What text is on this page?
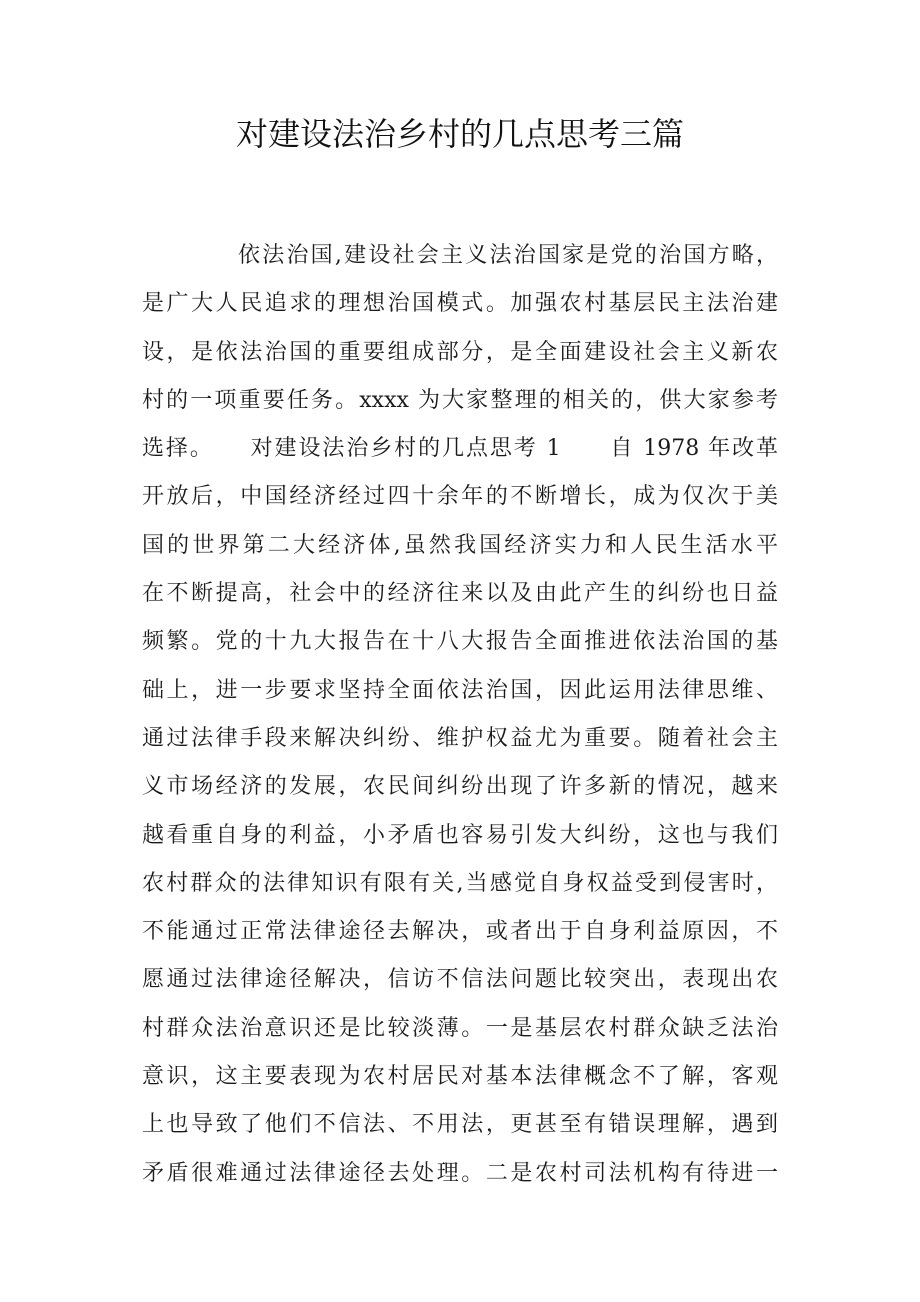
对建设法治乡村的几点思考三篇
依法治国,建设社会主义法治国家是党的治国方略，
是广大人民追求的理想治国模式。加强农村基层民主法治建
设，是依法治国的重要组成部分，是全面建设社会主义新农
村的一项重要任务。xxxx 为大家整理的相关的，供大家参考
选择。　　对建设法治乡村的几点思考 1　　自 1978 年改革
开放后，中国经济经过四十余年的不断增长，成为仅次于美
国的世界第二大经济体,虽然我国经济实力和人民生活水平
在不断提高，社会中的经济往来以及由此产生的纠纷也日益
频繁。党的十九大报告在十八大报告全面推进依法治国的基
础上，进一步要求坚持全面依法治国，因此运用法律思维、
通过法律手段来解决纠纷、维护权益尤为重要。随着社会主
义市场经济的发展，农民间纠纷出现了许多新的情况，越来
越看重自身的利益，小矛盾也容易引发大纠纷，这也与我们
农村群众的法律知识有限有关,当感觉自身权益受到侵害时，
不能通过正常法律途径去解决，或者出于自身利益原因，不
愿通过法律途径解决，信访不信法问题比较突出，表现出农
村群众法治意识还是比较淡薄。一是基层农村群众缺乏法治
意识，这主要表现为农村居民对基本法律概念不了解，客观
上也导致了他们不信法、不用法，更甚至有错误理解，遇到
矛盾很难通过法律途径去处理。二是农村司法机构有待进一
